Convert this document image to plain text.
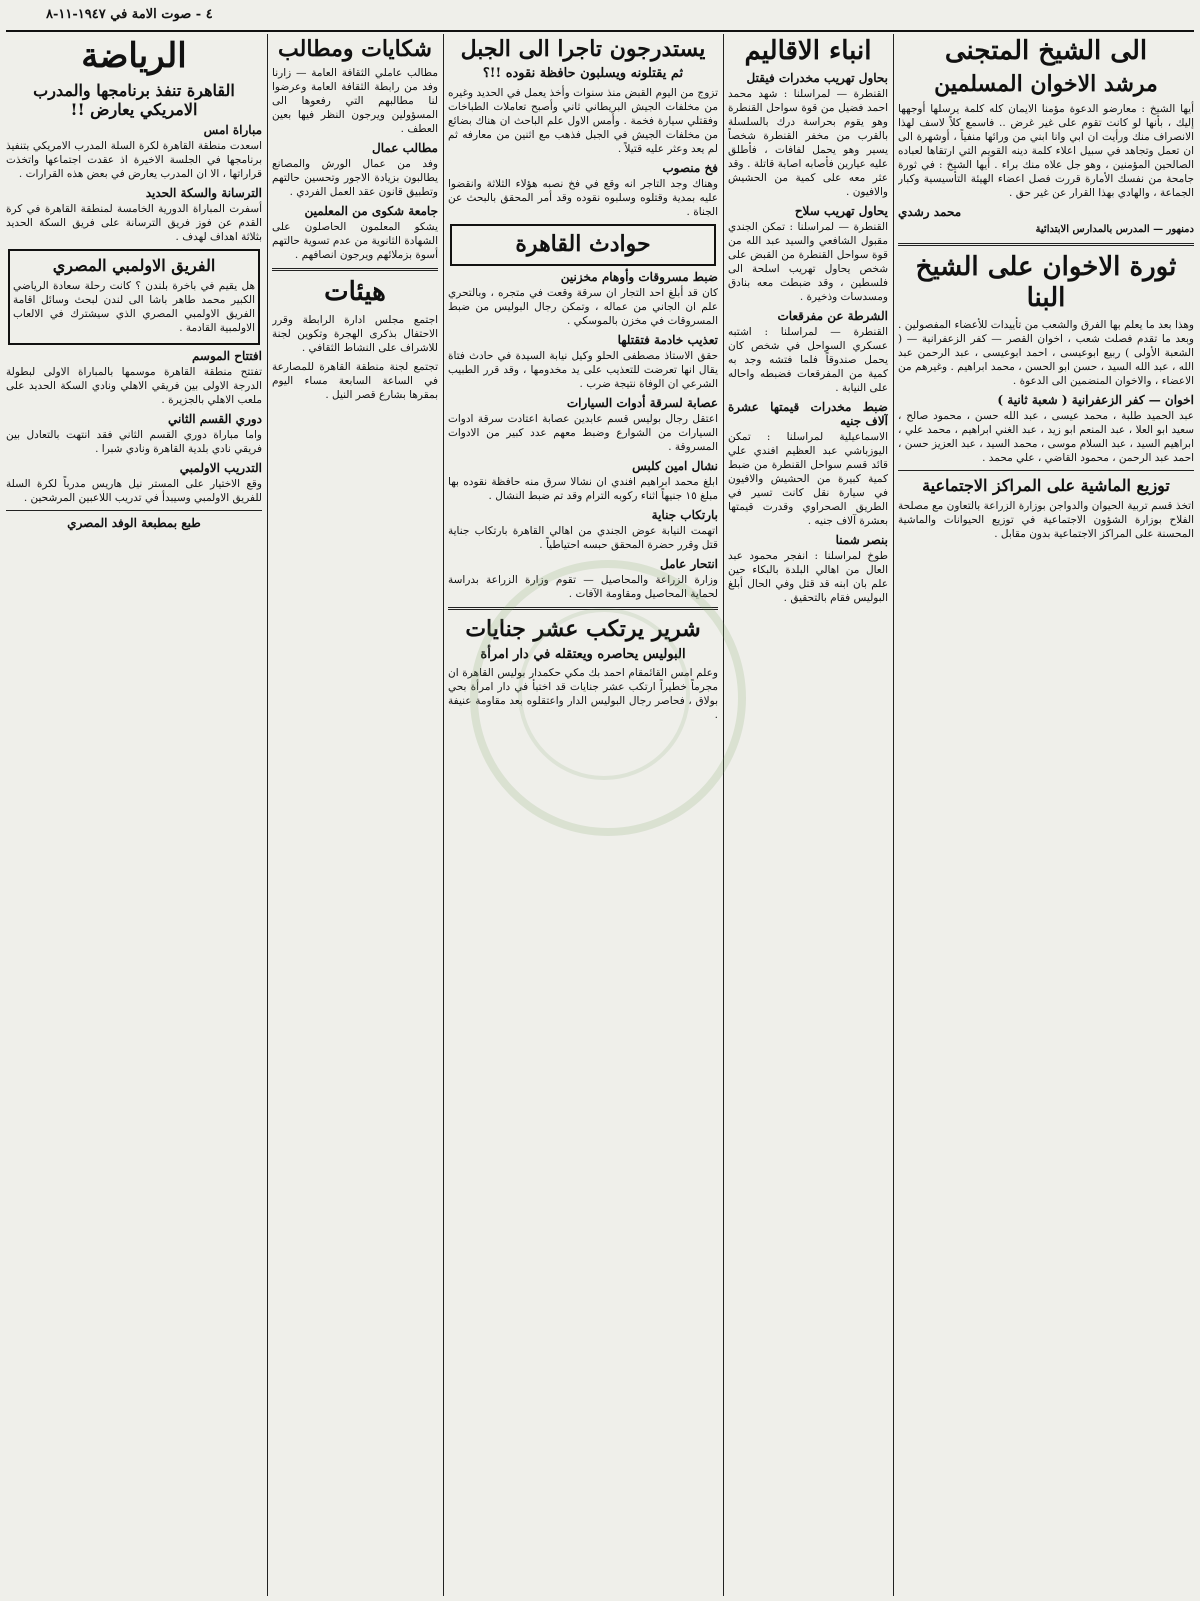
٤ - صوت الامة في ١٩٤٧-١١-٨
الى الشيخ المتجنى
مرشد الاخوان المسلمين

أيها الشيخ : معارضو الدعوة مؤمنا الايمان كله كلمة يرسلها أوجهها إليك ، بأنها لو كانت تقوم على غير غرض .. فاسمع كلاً لاسف لهذا الانصراف منك ورأيت ان ابي وانا ابني من ورائها منفياً ، أوشهرة الى ان تعمل وتجاهد في سبيل اعلاء كلمة دينه القويم التي ارتقاها لعباده الصالحين المؤمنين ، وهو جل علاه منك براء . أيها الشيخ : في ثورة جامحة من نفسك الأمارة قررت فصل اعضاء الهيئة التأسيسية وكبار الجماعة ، والهادي بهذا القرار عن غير حق .

محمد رشدي
دمنهور — المدرس بالمدارس الابتدائية
ثورة الاخوان على الشيخ البنا

وهذا بعد ما يعلم بها الفرق والشعب من تأييدات للأعضاء المفصولين . وبعد ما تقدم فصلت شعب ، اخوان القصر — كفر الزعفرانية — ( الشعبة الأولى ) ربيع ابوعيسى ، احمد ابوعيسى ، عبد الرحمن عبد الله ، عبد الله السيد ، حسن ابو الحسن ، محمد ابراهيم . وغيرهم من الاعضاء ، والاخوان المنضمين الى الدعوة .

اخوان — كفر الزعفرانية ( شعبة ثانية )

عبد الحميد طلبة ، محمد عيسى ، عبد الله حسن ، محمود صالح ، سعيد ابو العلا ، عبد المنعم ابو زيد ، عبد الغني ابراهيم ، محمد علي ، ابراهيم السيد ، عبد السلام موسى ، محمد السيد ، عبد العزيز حسن ، احمد عبد الرحمن ، محمود القاضي ، علي محمد .

توزيع الماشية على المراكز الاجتماعية

اتخذ قسم تربية الحيوان والدواجن بوزارة الزراعة بالتعاون مع مصلحة الفلاح بوزارة الشؤون الاجتماعية في توزيع الحيوانات والماشية المحسنة على المراكز الاجتماعية بدون مقابل .

انباء الاقاليم
بحاول تهريب مخدرات فيقتل

القنطرة — لمراسلنا : شهد محمد احمد فضيل من قوة سواحل القنطرة وهو يقوم بحراسة درك بالسلسلة بالقرب من مخفر القنطرة شخصاً يسير وهو يحمل لفافات ، فأطلق عليه عيارين فأصابه اصابة قاتلة . وقد عثر معه على كمية من الحشيش والافيون .

يحاول تهريب سلاح

القنطرة — لمراسلنا : تمكن الجندي مقبول الشافعي والسيد عبد الله من قوة سواحل القنطرة من القبض على شخص يحاول تهريب اسلحة الى فلسطين ، وقد ضبطت معه بنادق ومسدسات وذخيرة .

الشرطة عن مفرقعات

القنطرة — لمراسلنا : اشتبه عسكري السواحل في شخص كان يحمل صندوقاً فلما فتشه وجد به كمية من المفرقعات فضبطه واحاله على النيابة .

ضبط مخدرات قيمتها عشرة آلاف جنيه

الاسماعيلية لمراسلنا : تمكن اليوزباشي عبد العظيم افندي علي قائد قسم سواحل القنطرة من ضبط كمية كبيرة من الحشيش والافيون في سيارة نقل كانت تسير في الطريق الصحراوي وقدرت قيمتها بعشرة آلاف جنيه .

بنصر شمنا

طوخ لمراسلنا : انفجر محمود عبد العال من اهالي البلدة بالبكاء حين علم بان ابنه قد قتل وفي الحال أبلغ البوليس فقام بالتحقيق .

يستدرجون تاجرا الى الجبل
ثم يقتلونه ويسلبون حافظة نقوده !!؟

تزوج من اليوم القبض منذ سنوات وأخذ يعمل في الحديد وغيره من مخلفات الجيش البريطاني ثاني وأصبح تعاملات الطباخات وفقتلي سيارة فخمة . وأمس الاول علم الباحث ان هناك بضائع من مخلفات الجيش في الجبل فذهب مع اثنين من معارفه ثم لم يعد وعثر عليه قتيلاً .

فخ منصوب

وهناك وجد التاجر انه وقع في فخ نصبه هؤلاء الثلاثة وانقضوا عليه بمدية وقتلوه وسلبوه نقوده وقد أمر المحقق بالبحث عن الجناة .

حوادث القاهرة
ضبط مسروقات وأوهام مخزنين

كان قد أبلغ احد التجار ان سرقة وقعت في متجره ، وبالتحري علم ان الجاني من عماله ، وتمكن رجال البوليس من ضبط المسروقات في مخزن بالموسكي .

تعذيب خادمة فتقتلها

حقق الاستاذ مصطفى الحلو وكيل نيابة السيدة في حادث فتاة يقال انها تعرضت للتعذيب على يد مخدومها ، وقد قرر الطبيب الشرعي ان الوفاة نتيجة ضرب .

عصابة لسرقة أدوات السيارات

اعتقل رجال بوليس قسم عابدين عصابة اعتادت سرقة ادوات السيارات من الشوارع وضبط معهم عدد كبير من الادوات المسروقة .

نشال امين كلبس

ابلغ محمد ابراهيم افندي ان نشالا سرق منه حافظة نقوده بها مبلغ ١٥ جنيهاً اثناء ركوبه الترام وقد تم ضبط النشال .

بارتكاب جناية

اتهمت النيابة عوض الجندي من اهالي القاهرة بارتكاب جناية قتل وقرر حضرة المحقق حبسه احتياطياً .

انتحار عامل

وزارة الزراعة والمحاصيل — تقوم وزارة الزراعة بدراسة لحماية المحاصيل ومقاومة الآفات .

شرير يرتكب عشر جنايات
البوليس يحاصره ويعتقله في دار امرأة

وعلم امس القائمقام احمد بك مكي حكمدار بوليس القاهرة ان مجرماً خطيراً ارتكب عشر جنايات قد اختبأ في دار امرأة بحي بولاق ، فحاصر رجال البوليس الدار واعتقلوه بعد مقاومة عنيفة .

شكايات ومطالب

مطالب عاملي الثقافة العامة — زارنا وفد من رابطة الثقافة العامة وعرضوا لنا مطالبهم التي رفعوها الى المسؤولين ويرجون النظر فيها بعين العطف .

مطالب عمال

وفد من عمال الورش والمصانع يطالبون بزيادة الاجور وتحسين حالتهم وتطبيق قانون عقد العمل الفردي .

جامعة شكوى من المعلمين

يشكو المعلمون الحاصلون على الشهادة الثانوية من عدم تسوية حالتهم أسوة بزملائهم ويرجون انصافهم .

هيئات

اجتمع مجلس ادارة الرابطة وقرر الاحتفال بذكرى الهجرة وتكوين لجنة للاشراف على النشاط الثقافي .

تجتمع لجنة منطقة القاهرة للمصارعة في الساعة السابعة مساء اليوم بمقرها بشارع قصر النيل .

الرياضة
القاهرة تنفذ برنامجها والمدرب الامريكي يعارض !!
مباراة امس

اسعدت منطقة القاهرة لكرة السلة المدرب الامريكي بتنفيذ برنامجها في الجلسة الاخيرة اذ عقدت اجتماعها واتخذت قراراتها ، الا ان المدرب يعارض في بعض هذه القرارات .

الترسانة والسكة الحديد

أسفرت المباراة الدورية الخامسة لمنطقة القاهرة في كرة القدم عن فوز فريق الترسانة على فريق السكة الحديد بثلاثة اهداف لهدف .

الفريق الاولمبي المصري

هل يقيم في باخرة بلندن ؟ كانت رحلة سعادة الرياضي الكبير محمد طاهر باشا الى لندن لبحث وسائل اقامة الفريق الاولمبي المصري الذي سيشترك في الالعاب الاولمبية القادمة .

افتتاح الموسم

تفتتح منطقة القاهرة موسمها بالمباراة الاولى لبطولة الدرجة الاولى بين فريقي الاهلي ونادي السكة الحديد على ملعب الاهلي بالجزيرة .

دوري القسم الثاني

واما مباراة دوري القسم الثاني فقد انتهت بالتعادل بين فريقي نادي بلدية القاهرة ونادي شبرا .

التدريب الاولمبي

وقع الاختيار على المستر نيل هاريس مدرباً لكرة السلة للفريق الاولمبي وسيبدأ في تدريب اللاعبين المرشحين .

طبع بمطبعة الوفد المصري
